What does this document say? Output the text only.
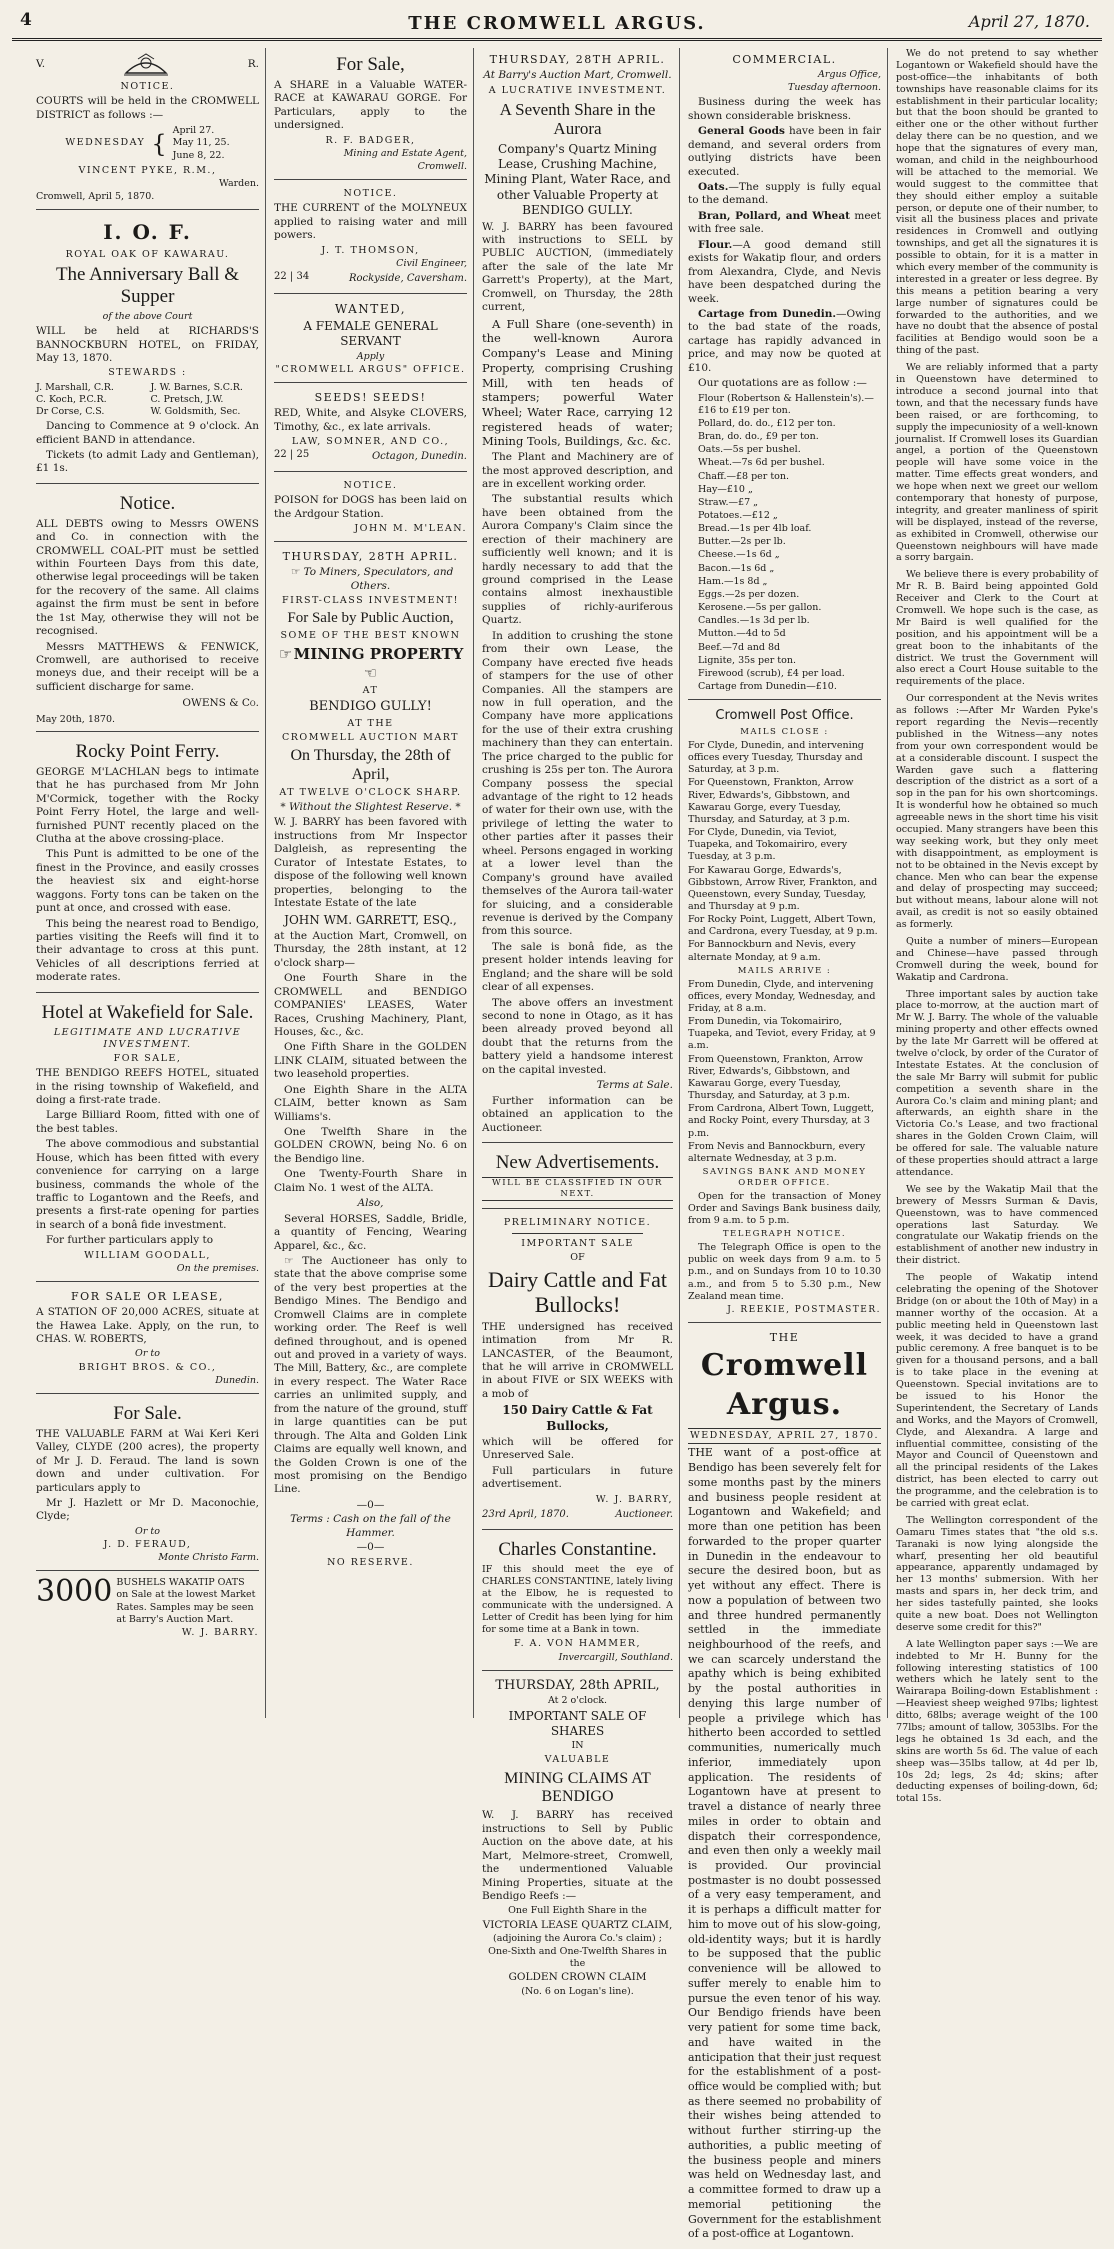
4	THE CROMWELL ARGUS.	April 27, 1870.
V.	R.
NOTICE.

COURTS will be held in the CROMWELL DISTRICT as follows :—

WEDNESDAY { April 27.
May 11, 25.
June 8, 22.
VINCENT PYKE, R.M.,
Warden.
Cromwell, April 5, 1870.
I. O. F.
ROYAL OAK OF KAWARAU.
The Anniversary Ball & Supper
of the above Court

WILL be held at RICHARDS'S BANNOCKBURN HOTEL, on FRIDAY, May 13, 1870.

STEWARDS :
J. Marshall, C.R.	J. W. Barnes, S.C.R.
C. Koch, P.C.R.	C. Pretsch, J.W.
Dr Corse, C.S.	W. Goldsmith, Sec.

Dancing to Commence at 9 o'clock. An efficient BAND in attendance.

Tickets (to admit Lady and Gentleman), £1 1s.

Notice.

ALL DEBTS owing to Messrs OWENS and Co. in connection with the CROMWELL COAL-PIT must be settled within Fourteen Days from this date, otherwise legal proceedings will be taken for the recovery of the same. All claims against the firm must be sent in before the 1st May, otherwise they will not be recognised.

Messrs MATTHEWS & FENWICK, Cromwell, are authorised to receive moneys due, and their receipt will be a sufficient discharge for same.

OWENS & Co.
May 20th, 1870.
Rocky Point Ferry.

GEORGE M'LACHLAN begs to intimate that he has purchased from Mr John M'Cormick, together with the Rocky Point Ferry Hotel, the large and well-furnished PUNT recently placed on the Clutha at the above crossing-place.

This Punt is admitted to be one of the finest in the Province, and easily crosses the heaviest six and eight-horse waggons. Forty tons can be taken on the punt at once, and crossed with ease.

This being the nearest road to Bendigo, parties visiting the Reefs will find it to their advantage to cross at this punt. Vehicles of all descriptions ferried at moderate rates.

Hotel at Wakefield for Sale.
LEGITIMATE AND LUCRATIVE INVESTMENT.
FOR SALE,

THE BENDIGO REEFS HOTEL, situated in the rising township of Wakefield, and doing a first-rate trade.

Large Billiard Room, fitted with one of the best tables.

The above commodious and substantial House, which has been fitted with every convenience for carrying on a large business, commands the whole of the traffic to Logantown and the Reefs, and presents a first-rate opening for parties in search of a bonâ fide investment.

For further particulars apply to

WILLIAM GOODALL,
On the premises.
FOR SALE OR LEASE,

A STATION OF 20,000 ACRES, situate at the Hawea Lake. Apply, on the run, to CHAS. W. ROBERTS,

Or to
BRIGHT BROS. & CO.,
Dunedin.
For Sale.

THE VALUABLE FARM at Wai Keri Keri Valley, CLYDE (200 acres), the property of Mr J. D. Feraud. The land is sown down and under cultivation. For particulars apply to

Mr J. Hazlett or Mr D. Maconochie, Clyde;

Or to
J. D. FERAUD,
Monte Christo Farm.
3000 BUSHELS WAKATIP OATS on Sale at the lowest Market Rates. Samples may be seen at Barry's Auction Mart.
W. J. BARRY.
For Sale,

A SHARE in a Valuable WATER-RACE at KAWARAU GORGE. For Particulars, apply to the undersigned.

R. F. BADGER,
Mining and Estate Agent,
Cromwell.
NOTICE.

THE CURRENT of the MOLYNEUX applied to raising water and mill powers.

J. T. THOMSON,
Civil Engineer,
22 | 34	Rockyside, Caversham.
WANTED,
A FEMALE GENERAL SERVANT
Apply
"CROMWELL ARGUS" OFFICE.
SEEDS! SEEDS!

RED, White, and Alsyke CLOVERS, Timothy, &c., ex late arrivals.

LAW, SOMNER, AND CO.,
22 | 25	Octagon, Dunedin.
NOTICE.

POISON for DOGS has been laid on the Ardgour Station.

JOHN M. M'LEAN.
THURSDAY, 28TH APRIL.
☞ To Miners, Speculators, and Others.
FIRST-CLASS INVESTMENT!
For Sale by Public Auction,
SOME OF THE BEST KNOWN
☞MINING PROPERTY☜
AT
BENDIGO GULLY!
AT THE
CROMWELL AUCTION MART
On Thursday, the 28th of April,
AT TWELVE O'CLOCK SHARP.
* Without the Slightest Reserve. *

W. J. BARRY has been favored with instructions from Mr Inspector Dalgleish, as representing the Curator of Intestate Estates, to dispose of the following well known properties, belonging to the Intestate Estate of the late

JOHN WM. GARRETT, ESQ.,

at the Auction Mart, Cromwell, on Thursday, the 28th instant, at 12 o'clock sharp—

One Fourth Share in the CROMWELL and BENDIGO COMPANIES' LEASES, Water Races, Crushing Machinery, Plant, Houses, &c., &c.

One Fifth Share in the GOLDEN LINK CLAIM, situated between the two leasehold properties.

One Eighth Share in the ALTA CLAIM, better known as Sam Williams's.

One Twelfth Share in the GOLDEN CROWN, being No. 6 on the Bendigo line.

One Twenty-Fourth Share in Claim No. 1 west of the ALTA.

Also,

Several HORSES, Saddle, Bridle, a quantity of Fencing, Wearing Apparel, &c., &c.

☞ The Auctioneer has only to state that the above comprise some of the very best properties at the Bendigo Mines. The Bendigo and Cromwell Claims are in complete working order. The Reef is well defined throughout, and is opened out and proved in a variety of ways. The Mill, Battery, &c., are complete in every respect. The Water Race carries an unlimited supply, and from the nature of the ground, stuff in large quantities can be put through. The Alta and Golden Link Claims are equally well known, and the Golden Crown is one of the most promising on the Bendigo Line.

—0—
Terms : Cash on the fall of the Hammer.
—0—
NO RESERVE.
THURSDAY, 28TH APRIL.
At Barry's Auction Mart, Cromwell.
A LUCRATIVE INVESTMENT.
A Seventh Share in the Aurora
Company's Quartz Mining Lease, Crushing Machine, Mining Plant, Water Race, and other Valuable Property at BENDIGO GULLY.

W. J. BARRY has been favoured with instructions to SELL by PUBLIC AUCTION, (immediately after the sale of the late Mr Garrett's Property), at the Mart, Cromwell, on Thursday, the 28th current,

A Full Share (one-seventh) in the well-known Aurora Company's Lease and Mining Property, comprising Crushing Mill, with ten heads of stampers; powerful Water Wheel; Water Race, carrying 12 registered heads of water; Mining Tools, Buildings, &c. &c.

The Plant and Machinery are of the most approved description, and are in excellent working order.

The substantial results which have been obtained from the Aurora Company's Claim since the erection of their machinery are sufficiently well known; and it is hardly necessary to add that the ground comprised in the Lease contains almost inexhaustible supplies of richly-auriferous Quartz.

In addition to crushing the stone from their own Lease, the Company have erected five heads of stampers for the use of other Companies. All the stampers are now in full operation, and the Company have more applications for the use of their extra crushing machinery than they can entertain. The price charged to the public for crushing is 25s per ton. The Aurora Company possess the special advantage of the right to 12 heads of water for their own use, with the privilege of letting the water to other parties after it passes their wheel. Persons engaged in working at a lower level than the Company's ground have availed themselves of the Aurora tail-water for sluicing, and a considerable revenue is derived by the Company from this source.

The sale is bonâ fide, as the present holder intends leaving for England; and the share will be sold clear of all expenses.

The above offers an investment second to none in Otago, as it has been already proved beyond all doubt that the returns from the battery yield a handsome interest on the capital invested.

Terms at Sale.

Further information can be obtained an application to the Auctioneer.

New Advertisements.
WILL BE CLASSIFIED IN OUR NEXT.
PRELIMINARY NOTICE.
IMPORTANT SALE
OF
Dairy Cattle and Fat Bullocks!

THE undersigned has received intimation from Mr R. LANCASTER, of the Beaumont, that he will arrive in CROMWELL in about FIVE or SIX WEEKS with a mob of

150 Dairy Cattle & Fat Bullocks,

which will be offered for Unreserved Sale.

Full particulars in future advertisement.

W. J. BARRY,
23rd April, 1870.	Auctioneer.
Charles Constantine.

IF this should meet the eye of CHARLES CONSTANTINE, lately living at the Elbow, he is requested to communicate with the undersigned. A Letter of Credit has been lying for him for some time at a Bank in town.

F. A. VON HAMMER,
Invercargill, Southland.
THURSDAY, 28th APRIL,
At 2 o'clock.
IMPORTANT SALE OF SHARES
IN
VALUABLE
MINING CLAIMS AT BENDIGO

W. J. BARRY has received instructions to Sell by Public Auction on the above date, at his Mart, Melmore-street, Cromwell, the undermentioned Valuable Mining Properties, situate at the Bendigo Reefs :—

One Full Eighth Share in the
VICTORIA LEASE QUARTZ CLAIM,
(adjoining the Aurora Co.'s claim) ;
One-Sixth and One-Twelfth Shares in the
GOLDEN CROWN CLAIM
(No. 6 on Logan's line).
COMMERCIAL.
Argus Office,
Tuesday afternoon.

Business during the week has shown considerable briskness.

General Goods have been in fair demand, and several orders from outlying districts have been executed.

Oats.—The supply is fully equal to the demand.

Bran, Pollard, and Wheat meet with free sale.

Flour.—A good demand still exists for Wakatip flour, and orders from Alexandra, Clyde, and Nevis have been despatched during the week.

Cartage from Dunedin.—Owing to the bad state of the roads, cartage has rapidly advanced in price, and may now be quoted at £10.

Our quotations are as follow :—

Flour (Robertson & Hallenstein's).—£16 to £19 per ton.
Pollard, do. do., £12 per ton.
Bran, do. do., £9 per ton.
Oats.—5s per bushel.
Wheat.—7s 6d per bushel.
Chaff.—£8 per ton.
Hay—£10 „
Straw.—£7 „
Potatoes.—£12 „
Bread.—1s per 4lb loaf.
Butter.—2s per lb.
Cheese.—1s 6d „
Bacon.—1s 6d „
Ham.—1s 8d „
Eggs.—2s per dozen.
Kerosene.—5s per gallon.
Candles.—1s 3d per lb.
Mutton.—4d to 5d
Beef.—7d and 8d
Lignite, 35s per ton.
Firewood (scrub), £4 per load.
Cartage from Dunedin—£10.
Cromwell Post Office.
MAILS CLOSE :
For Clyde, Dunedin, and intervening offices every Tuesday, Thursday and Saturday, at 3 p.m.
For Queenstown, Frankton, Arrow River, Edwards's, Gibbstown, and Kawarau Gorge, every Tuesday, Thursday, and Saturday, at 3 p.m.
For Clyde, Dunedin, via Teviot, Tuapeka, and Tokomairiro, every Tuesday, at 3 p.m.
For Kawarau Gorge, Edwards's, Gibbstown, Arrow River, Frankton, and Queenstown, every Sunday, Tuesday, and Thursday at 9 p.m.
For Rocky Point, Luggett, Albert Town, and Cardrona, every Tuesday, at 9 p.m.
For Bannockburn and Nevis, every alternate Monday, at 9 a.m.
MAILS ARRIVE :
From Dunedin, Clyde, and intervening offices, every Monday, Wednesday, and Friday, at 8 a.m.
From Dunedin, via Tokomairiro, Tuapeka, and Teviot, every Friday, at 9 a.m.
From Queenstown, Frankton, Arrow River, Edwards's, Gibbstown, and Kawarau Gorge, every Tuesday, Thursday, and Saturday, at 3 p.m.
From Cardrona, Albert Town, Luggett, and Rocky Point, every Thursday, at 3 p.m.
From Nevis and Bannockburn, every alternate Wednesday, at 3 p.m.
SAVINGS BANK AND MONEY ORDER OFFICE.

Open for the transaction of Money Order and Savings Bank business daily, from 9 a.m. to 5 p.m.

TELEGRAPH NOTICE.

The Telegraph Office is open to the public on week days from 9 a.m. to 5 p.m., and on Sundays from 10 to 10.30 a.m., and from 5 to 5.30 p.m., New Zealand mean time.

J. REEKIE, POSTMASTER.
THE
Cromwell Argus.
WEDNESDAY, APRIL 27, 1870.

THE want of a post-office at Bendigo has been severely felt for some months past by the miners and business people resident at Logantown and Wakefield; and more than one petition has been forwarded to the proper quarter in Dunedin in the endeavour to secure the desired boon, but as yet without any effect. There is now a population of between two and three hundred permanently settled in the immediate neighbourhood of the reefs, and we can scarcely understand the apathy which is being exhibited by the postal authorities in denying this large number of people a privilege which has hitherto been accorded to settled communities, numerically much inferior, immediately upon application. The residents of Logantown have at present to travel a distance of nearly three miles in order to obtain and dispatch their correspondence, and even then only a weekly mail is provided. Our provincial postmaster is no doubt possessed of a very easy temperament, and it is perhaps a difficult matter for him to move out of his slow-going, old-identity ways; but it is hardly to be supposed that the public convenience will be allowed to suffer merely to enable him to pursue the even tenor of his way. Our Bendigo friends have been very patient for some time back, and have waited in the anticipation that their just request for the establishment of a post-office would be complied with; but as there seemed no probability of their wishes being attended to without further stirring-up the authorities, a public meeting of the business people and miners was held on Wednesday last, and a committee formed to draw up a memorial petitioning the Government for the establishment of a post-office at Logantown.

We do not pretend to say whether Logantown or Wakefield should have the post-office—the inhabitants of both townships have reasonable claims for its establishment in their particular locality; but that the boon should be granted to either one or the other without further delay there can be no question, and we hope that the signatures of every man, woman, and child in the neighbourhood will be attached to the memorial. We would suggest to the committee that they should either employ a suitable person, or depute one of their number, to visit all the business places and private residences in Cromwell and outlying townships, and get all the signatures it is possible to obtain, for it is a matter in which every member of the community is interested in a greater or less degree. By this means a petition bearing a very large number of signatures could be forwarded to the authorities, and we have no doubt that the absence of postal facilities at Bendigo would soon be a thing of the past.

We are reliably informed that a party in Queenstown have determined to introduce a second journal into that town, and that the necessary funds have been raised, or are forthcoming, to supply the impecuniosity of a well-known journalist. If Cromwell loses its Guardian angel, a portion of the Queenstown people will have some voice in the matter. Time effects great wonders, and we hope when next we greet our wellom contemporary that honesty of purpose, integrity, and greater manliness of spirit will be displayed, instead of the reverse, as exhibited in Cromwell, otherwise our Queenstown neighbours will have made a sorry bargain.

We believe there is every probability of Mr R. B. Baird being appointed Gold Receiver and Clerk to the Court at Cromwell. We hope such is the case, as Mr Baird is well qualified for the position, and his appointment will be a great boon to the inhabitants of the district. We trust the Government will also erect a Court House suitable to the requirements of the place.

Our correspondent at the Nevis writes as follows :—After Mr Warden Pyke's report regarding the Nevis—recently published in the Witness—any notes from your own correspondent would be at a considerable discount. I suspect the Warden gave such a flattering description of the district as a sort of a sop in the pan for his own shortcomings. It is wonderful how he obtained so much agreeable news in the short time his visit occupied. Many strangers have been this way seeking work, but they only meet with disappointment, as employment is not to be obtained in the Nevis except by chance. Men who can bear the expense and delay of prospecting may succeed; but without means, labour alone will not avail, as credit is not so easily obtained as formerly.

Quite a number of miners—European and Chinese—have passed through Cromwell during the week, bound for Wakatip and Cardrona.

Three important sales by auction take place to-morrow, at the auction mart of Mr W. J. Barry. The whole of the valuable mining property and other effects owned by the late Mr Garrett will be offered at twelve o'clock, by order of the Curator of Intestate Estates. At the conclusion of the sale Mr Barry will submit for public competition a seventh share in the Aurora Co.'s claim and mining plant; and afterwards, an eighth share in the Victoria Co.'s Lease, and two fractional shares in the Golden Crown Claim, will be offered for sale. The valuable nature of these properties should attract a large attendance.

We see by the Wakatip Mail that the brewery of Messrs Surman & Davis, Queenstown, was to have commenced operations last Saturday. We congratulate our Wakatip friends on the establishment of another new industry in their district.

The people of Wakatip intend celebrating the opening of the Shotover Bridge (on or about the 10th of May) in a manner worthy of the occasion. At a public meeting held in Queenstown last week, it was decided to have a grand public ceremony. A free banquet is to be given for a thousand persons, and a ball is to take place in the evening at Queenstown. Special invitations are to be issued to his Honor the Superintendent, the Secretary of Lands and Works, and the Mayors of Cromwell, Clyde, and Alexandra. A large and influential committee, consisting of the Mayor and Council of Queenstown and all the principal residents of the Lakes district, has been elected to carry out the programme, and the celebration is to be carried with great eclat.

The Wellington correspondent of the Oamaru Times states that "the old s.s. Taranaki is now lying alongside the wharf, presenting her old beautiful appearance, apparently undamaged by her 13 months' submersion. With her masts and spars in, her deck trim, and her sides tastefully painted, she looks quite a new boat. Does not Wellington deserve some credit for this?"

A late Wellington paper says :—We are indebted to Mr H. Bunny for the following interesting statistics of 100 wethers which he lately sent to the Wairarapa Boiling-down Establishment :—Heaviest sheep weighed 97lbs; lightest ditto, 68lbs; average weight of the 100 77lbs; amount of tallow, 3053lbs. For the legs he obtained 1s 3d each, and the skins are worth 5s 6d. The value of each sheep was—35lbs tallow, at 4d per lb, 10s 2d; legs, 2s 4d; skins; after deducting expenses of boiling-down, 6d; total 15s.
